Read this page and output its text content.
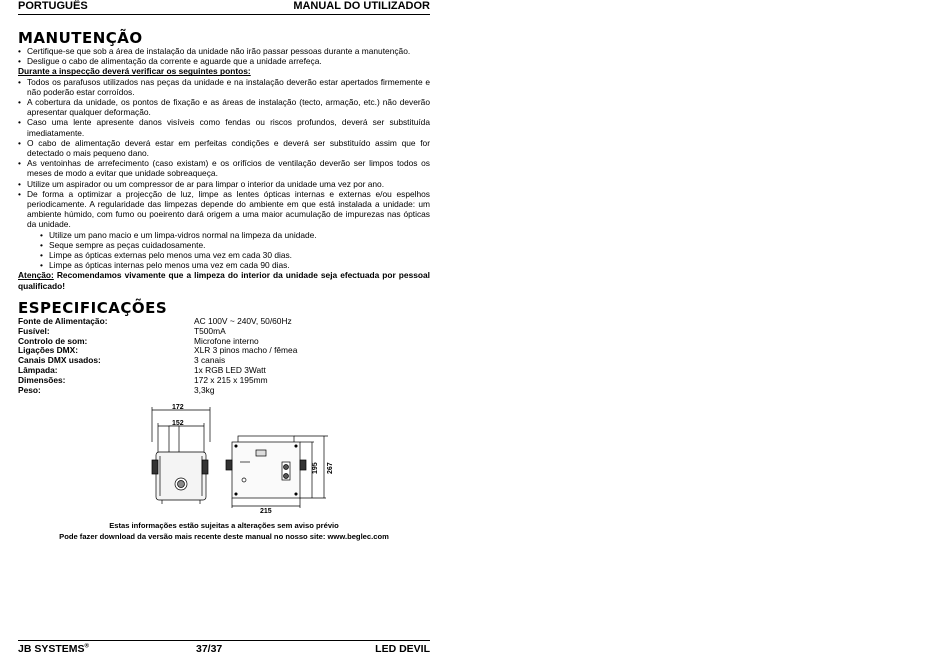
PORTUGUÊS	MANUAL DO UTILIZADOR
MANUTENÇÃO
• Certifique-se que sob a área de instalação da unidade não irão passar pessoas durante a manutenção.
• Desligue o cabo de alimentação da corrente e aguarde que a unidade arrefeça.
Durante a inspecção deverá verificar os seguintes pontos:
• Todos os parafusos utilizados nas peças da unidade e na instalação deverão estar apertados firmemente e não poderão estar corroídos.
• A cobertura da unidade, os pontos de fixação e as áreas de instalação (tecto, armação, etc.) não deverão apresentar qualquer deformação.
• Caso uma lente apresente danos visíveis como fendas ou riscos profundos, deverá ser substituída imediatamente.
• O cabo de alimentação deverá estar em perfeitas condições e deverá ser substituído assim que for detectado o mais pequeno dano.
• As ventoinhas de arrefecimento (caso existam) e os orifícios de ventilação deverão ser limpos todos os meses de modo a evitar que unidade sobreaqueça.
• Utilize um aspirador ou um compressor de ar para limpar o interior da unidade uma vez por ano.
• De forma a optimizar a projecção de luz, limpe as lentes ópticas internas e externas e/ou espelhos periodicamente. A regularidade das limpezas depende do ambiente em que está instalada a unidade: um ambiente húmido, com fumo ou poeirento dará origem a uma maior acumulação de impurezas nas ópticas da unidade.
• Utilize um pano macio e um limpa-vidros normal na limpeza da unidade.
• Seque sempre as peças cuidadosamente.
• Limpe as ópticas externas pelo menos uma vez em cada 30 dias.
• Limpe as ópticas internas pelo menos uma vez em cada 90 dias.
Atenção: Recomendamos vivamente que a limpeza do interior da unidade seja efectuada por pessoal qualificado!
ESPECIFICAÇÕES
Fonte de Alimentação:	AC 100V ~ 240V, 50/60Hz
Fusível:	T500mA
Controlo de som:	Microfone interno
Ligações DMX:	XLR 3 pinos macho / fêmea
Canais DMX usados:	3 canais
Lâmpada:	1x RGB LED 3Watt
Dimensões:	172 x 215 x 195mm
Peso:	3,3kg
172
152
215
195 267
Estas informações estão sujeitas a alterações sem aviso prévio
Pode fazer download da versão mais recente deste manual no nosso site: www.beglec.com
JB SYSTEMS®	37/37	LED DEVIL
